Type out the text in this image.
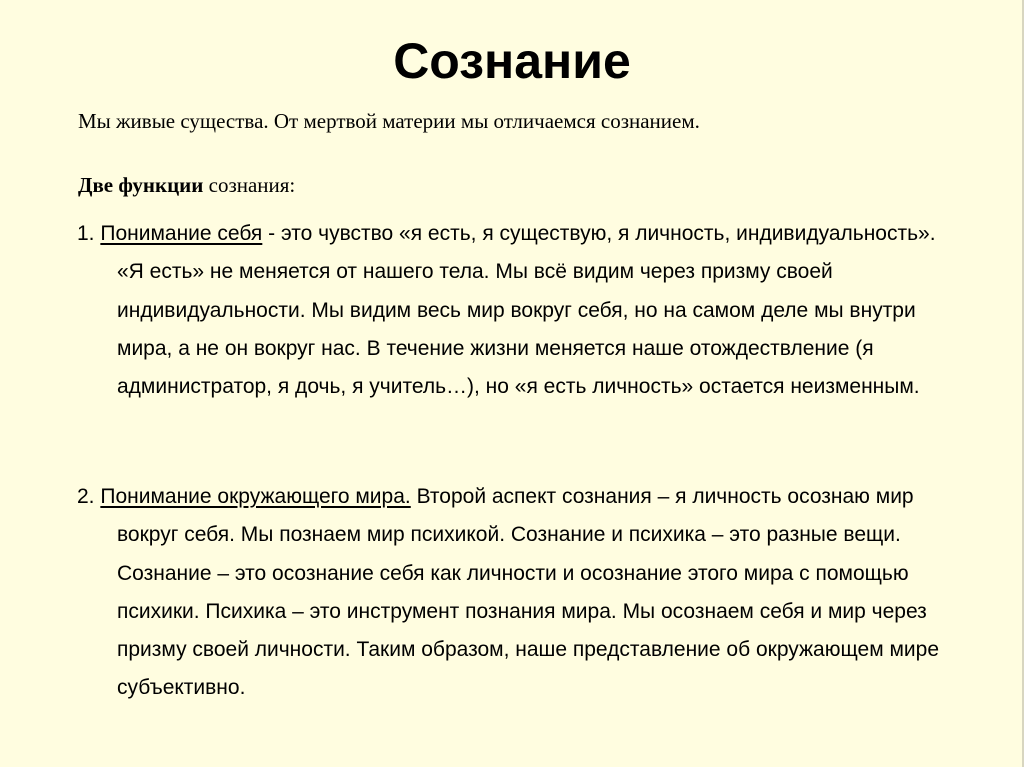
Сознание

Мы живые существа. От мертвой материи мы отличаемся сознанием.

Две функции сознания:

1. Понимание себя - это чувство «я есть, я существую, я личность, индивидуальность». «Я есть» не меняется от нашего тела. Мы всё видим через призму своей индивидуальности. Мы видим весь мир вокруг себя, но на самом деле мы внутри мира, а не он вокруг нас. В течение жизни меняется наше отождествление (я администратор, я дочь, я учитель…), но «я есть личность» остается неизменным.

2. Понимание окружающего мира. Второй аспект сознания – я личность осознаю мир вокруг себя. Мы познаем мир психикой. Сознание и психика – это разные вещи. Сознание – это осознание себя как личности и осознание этого мира с помощью психики. Психика – это инструмент познания мира. Мы осознаем себя и мир через призму своей личности. Таким образом, наше представление об окружающем мире субъективно.
